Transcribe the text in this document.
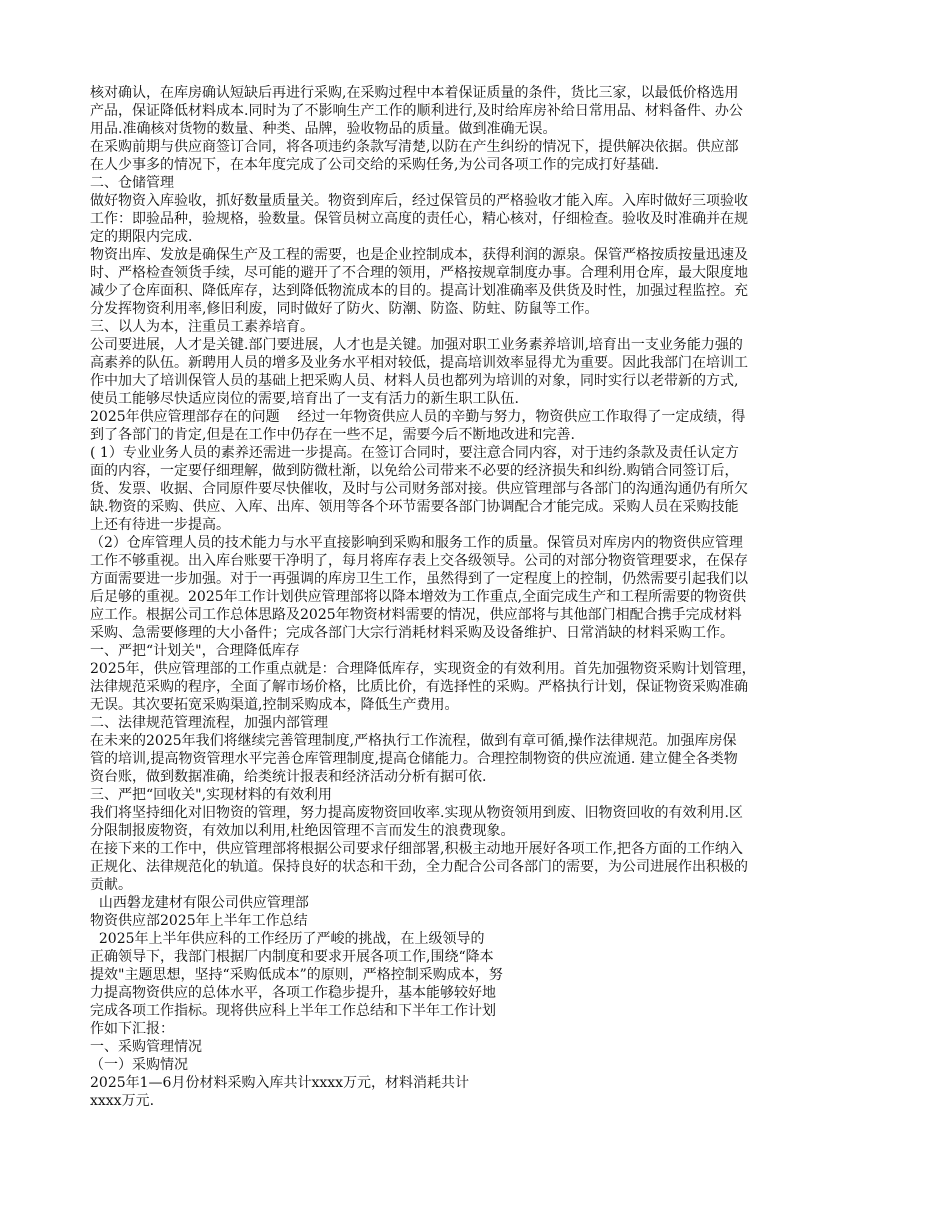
核对确认，在库房确认短缺后再进行采购,在采购过程中本着保证质量的条件，货比三家，以最低价格选用
产品，保证降低材料成本.同时为了不影响生产工作的顺利进行,及时给库房补给日常用品、材料备件、办公
用品.准确核对货物的数量、种类、品牌，验收物品的质量。做到准确无误。
在采购前期与供应商签订合同，将各项违约条款写清楚,以防在产生纠纷的情况下，提供解决依据。供应部
在人少事多的情况下，在本年度完成了公司交给的采购任务,为公司各项工作的完成打好基础.
二、仓储管理
做好物资入库验收，抓好数量质量关。物资到库后，经过保管员的严格验收才能入库。入库时做好三项验收
工作：即验品种，验规格，验数量。保管员树立高度的责任心，精心核对，仔细检查。验收及时准确并在规
定的期限内完成.
物资出库、发放是确保生产及工程的需要，也是企业控制成本，获得利润的源泉。保管严格按质按量迅速及
时、严格检查领货手续，尽可能的避开了不合理的领用，严格按规章制度办事。合理利用仓库，最大限度地
减少了仓库面积、降低库存，达到降低物流成本的目的。提高计划准确率及供货及时性，加强过程监控。充
分发挥物资利用率,修旧利废，同时做好了防火、防潮、防盗、防蛀、防鼠等工作。
三、以人为本，注重员工素养培育。
公司要进展，人才是关键.部门要进展，人才也是关键。加强对职工业务素养培训,培育出一支业务能力强的
高素养的队伍。新聘用人员的增多及业务水平相对较低，提高培训效率显得尤为重要。因此我部门在培训工
作中加大了培训保管人员的基础上把采购人员、材料人员也都列为培训的对象，同时实行以老带新的方式,
使员工能够尽快适应岗位的需要,培育出了一支有活力的新生职工队伍.
2025年供应管理部存在的问题    经过一年物资供应人员的辛勤与努力，物资供应工作取得了一定成绩，得
到了各部门的肯定,但是在工作中仍存在一些不足，需要今后不断地改进和完善.
( 1）专业业务人员的素养还需进一步提高。在签订合同时，要注意合同内容，对于违约条款及责任认定方
面的内容，一定要仔细理解，做到防微杜渐，以免给公司带来不必要的经济损失和纠纷.购销合同签订后，
货、发票、收据、合同原件要尽快催收，及时与公司财务部对接。供应管理部与各部门的沟通沟通仍有所欠
缺.物资的采购、供应、入库、出库、领用等各个环节需要各部门协调配合才能完成。采购人员在采购技能
上还有待进一步提高。
（2）仓库管理人员的技术能力与水平直接影响到采购和服务工作的质量。保管员对库房内的物资供应管理
工作不够重视。出入库台账要干净明了，每月将库存表上交各级领导。公司的对部分物资管理要求，在保存
方面需要进一步加强。对于一再强调的库房卫生工作，虽然得到了一定程度上的控制，仍然需要引起我们以
后足够的重视。2025年工作计划供应管理部将以降本增效为工作重点,全面完成生产和工程所需要的物资供
应工作。根据公司工作总体思路及2025年物资材料需要的情况，供应部将与其他部门相配合携手完成材料
采购、急需要修理的大小备件；完成各部门大宗行消耗材料采购及设备维护、日常消缺的材料采购工作。
一、严把“计划关"，合理降低库存
2025年，供应管理部的工作重点就是：合理降低库存，实现资金的有效利用。首先加强物资采购计划管理，
法律规范采购的程序，全面了解市场价格，比质比价，有选择性的采购。严格执行计划，保证物资采购准确
无误。其次要拓宽采购渠道,控制采购成本，降低生产费用。
二、法律规范管理流程，加强内部管理
在未来的2025年我们将继续完善管理制度,严格执行工作流程，做到有章可循,操作法律规范。加强库房保
管的培训,提高物资管理水平完善仓库管理制度,提高仓储能力。合理控制物资的供应流通. 建立健全各类物
资台账，做到数据准确，给类统计报表和经济活动分析有据可依.
三、严把“回收关",实现材料的有效利用
我们将坚持细化对旧物资的管理，努力提高废物资回收率.实现从物资领用到废、旧物资回收的有效利用.区
分限制报废物资，有效加以利用,杜绝因管理不言而发生的浪费现象。
在接下来的工作中，供应管理部将根据公司要求仔细部署,积极主动地开展好各项工作,把各方面的工作纳入
正规化、法律规范化的轨道。保持良好的状态和干劲，全力配合公司各部门的需要，为公司进展作出积极的
贡献。
山西磐龙建材有限公司供应管理部
物资供应部2025年上半年工作总结
2025年上半年供应科的工作经历了严峻的挑战，在上级领导的
正确领导下，我部门根据厂内制度和要求开展各项工作,围绕“降本
提效"主题思想，坚持“采购低成本”的原则，严格控制采购成本，努
力提高物资供应的总体水平，各项工作稳步提升，基本能够较好地
完成各项工作指标。现将供应科上半年工作总结和下半年工作计划
作如下汇报：
一、采购管理情况
（一）采购情况
2025年1—6月份材料采购入库共计xxxx万元，材料消耗共计
xxxx万元.
